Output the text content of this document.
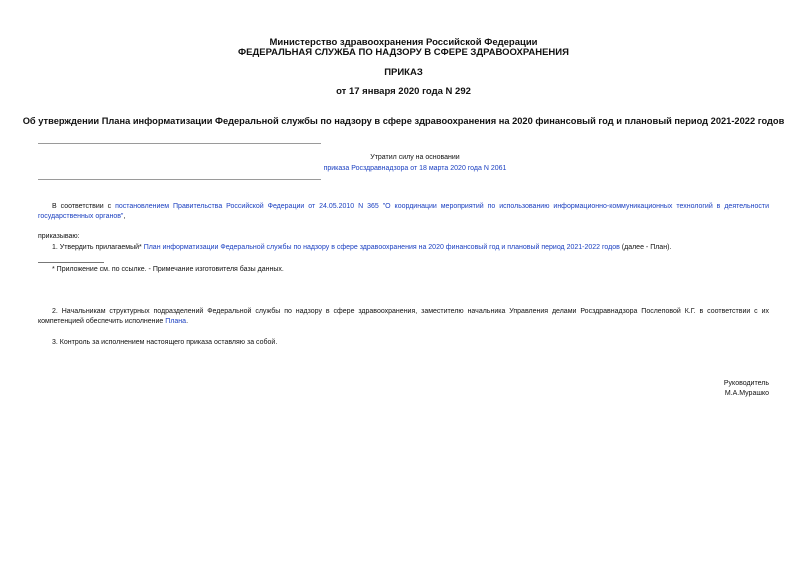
Министерство здравоохранения Российской Федерации
ФЕДЕРАЛЬНАЯ СЛУЖБА ПО НАДЗОРУ В СФЕРЕ ЗДРАВООХРАНЕНИЯ
ПРИКАЗ
от 17 января 2020 года N 292
Об утверждении Плана информатизации Федеральной службы по надзору в сфере здравоохранения на 2020 финансовый год и плановый период 2021-2022 годов
Утратил силу на основании
приказа Росздравнадзора от 18 марта 2020 года N 2061
В соответствии с постановлением Правительства Российской Федерации от 24.05.2010 N 365 "О координации мероприятий по использованию информационно-коммуникационных технологий в деятельности государственных органов",
приказываю:
1. Утвердить прилагаемый* План информатизации Федеральной службы по надзору в сфере здравоохранения на 2020 финансовый год и плановый период 2021-2022 годов (далее - План).
* Приложение см. по ссылке. - Примечание изготовителя базы данных.
2. Начальникам структурных подразделений Федеральной службы по надзору в сфере здравоохранения, заместителю начальника Управления делами Росздравнадзора Послеповой К.Г. в соответствии с их компетенцией обеспечить исполнение Плана.
3. Контроль за исполнением настоящего приказа оставляю за собой.
Руководитель
М.А.Мурашко
